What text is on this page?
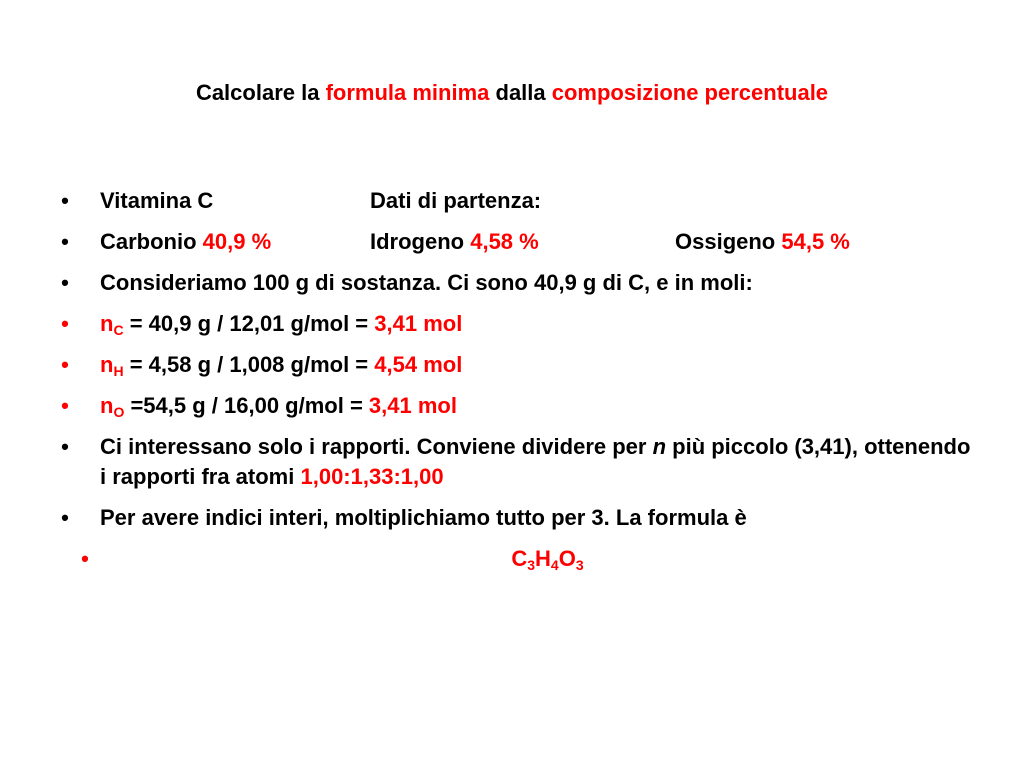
Calcolare la formula minima dalla composizione percentuale
• Vitamina C	Dati di partenza:
• Carbonio 40,9 %	Idrogeno 4,58 %	Ossigeno 54,5 %
• Consideriamo 100 g di sostanza. Ci sono 40,9 g di C, e in moli:
• $n_C = 40,9$ g / 12,01 g/mol = 3,41 mol
• $n_H = 4,58$ g / 1,008 g/mol = 4,54 mol
• $n_O =54,5$ g / 16,00 g/mol = 3,41 mol
• Ci interessano solo i rapporti. Conviene dividere per n più piccolo (3,41), ottenendo i rapporti fra atomi 1,00:1,33:1,00
• Per avere indici interi, moltiplichiamo tutto per 3. La formula è
•	$C_3H_4O_3$
